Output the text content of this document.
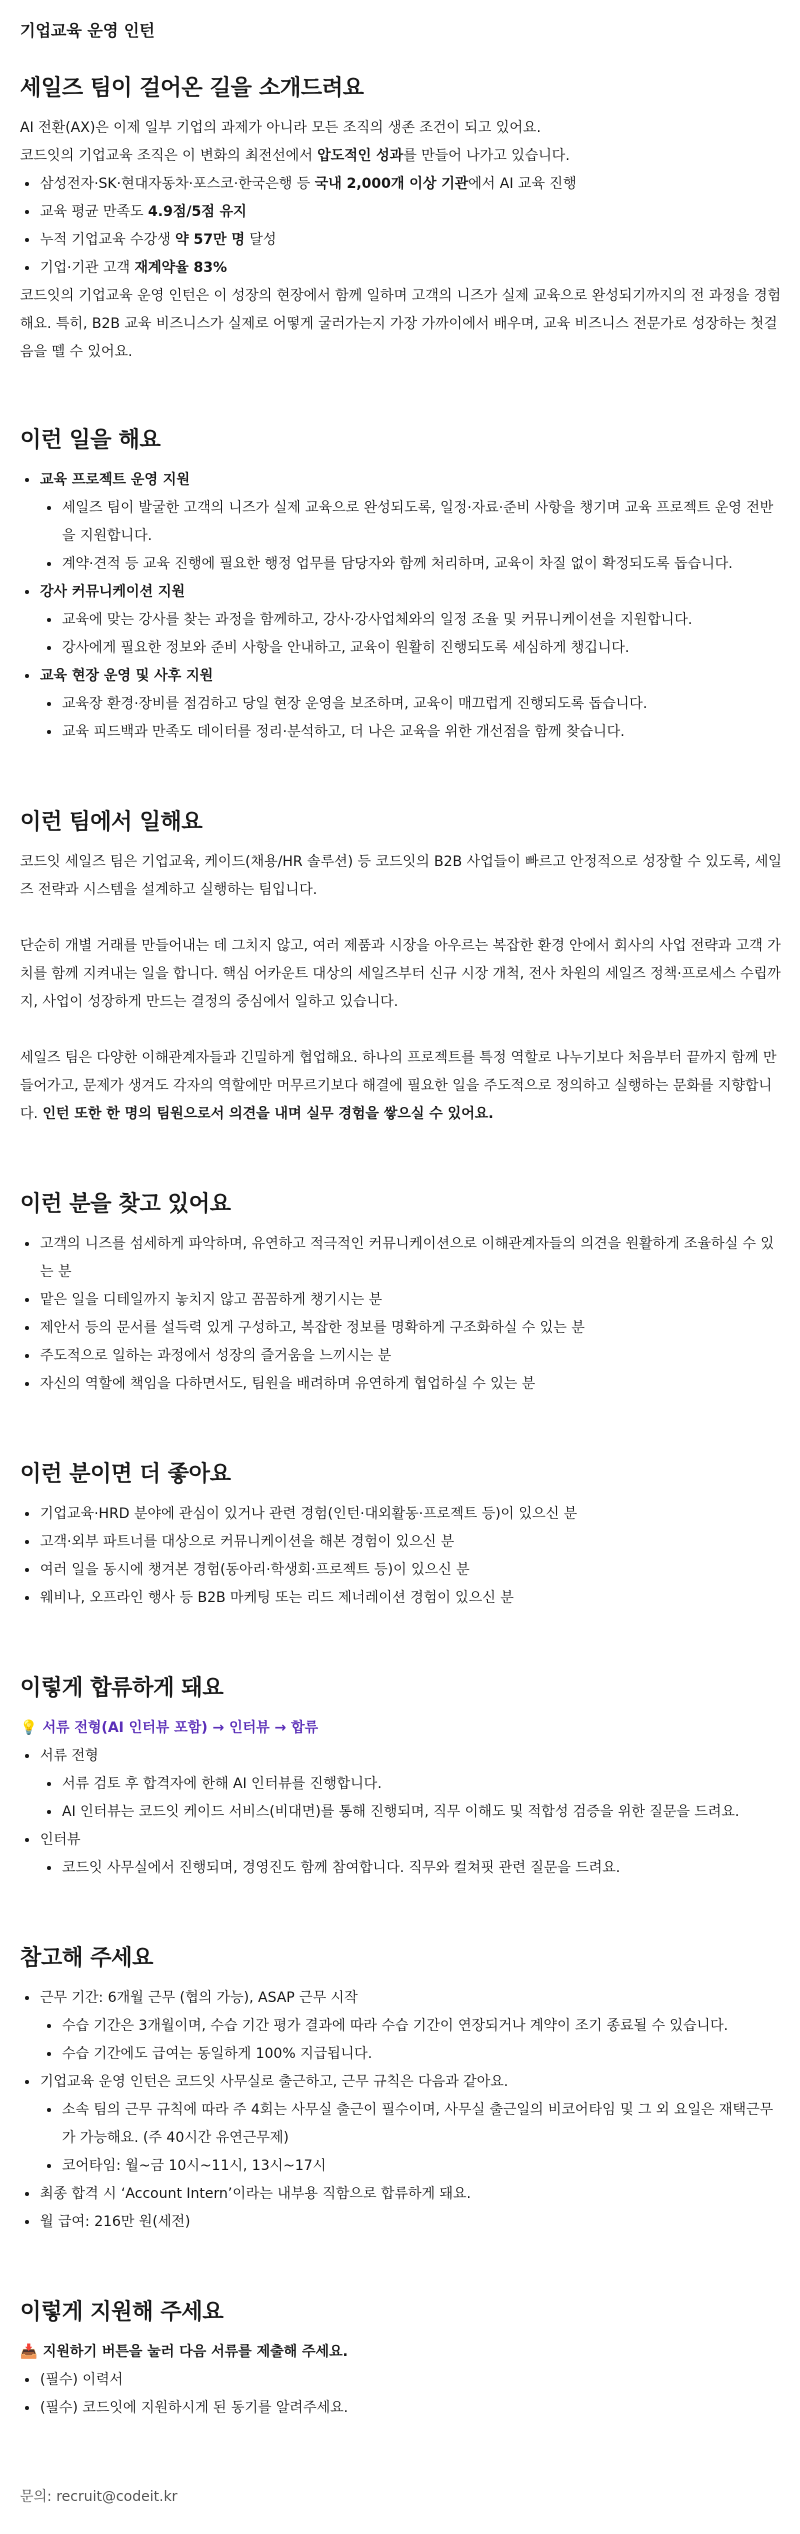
기업교육 운영 인턴
세일즈 팀이 걸어온 길을 소개드려요

AI 전환(AX)은 이제 일부 기업의 과제가 아니라 모든 조직의 생존 조건이 되고 있어요.

코드잇의 기업교육 조직은 이 변화의 최전선에서 압도적인 성과를 만들어 나가고 있습니다.

• 삼성전자·SK·현대자동차·포스코·한국은행 등 국내 2,000개 이상 기관에서 AI 교육 진행
• 교육 평균 만족도 4.9점/5점 유지
• 누적 기업교육 수강생 약 57만 명 달성
• 기업·기관 고객 재계약율 83%

코드잇의 기업교육 운영 인턴은 이 성장의 현장에서 함께 일하며 고객의 니즈가 실제 교육으로 완성되기까지의 전 과정을 경험해요. 특히, B2B 교육 비즈니스가 실제로 어떻게 굴러가는지 가장 가까이에서 배우며, 교육 비즈니스 전문가로 성장하는 첫걸음을 뗄 수 있어요.

이런 일을 해요
• 교육 프로젝트 운영 지원
• 세일즈 팀이 발굴한 고객의 니즈가 실제 교육으로 완성되도록, 일정·자료·준비 사항을 챙기며 교육 프로젝트 운영 전반을 지원합니다.
• 계약·견적 등 교육 진행에 필요한 행정 업무를 담당자와 함께 처리하며, 교육이 차질 없이 확정되도록 돕습니다.
• 강사 커뮤니케이션 지원
• 교육에 맞는 강사를 찾는 과정을 함께하고, 강사·강사업체와의 일정 조율 및 커뮤니케이션을 지원합니다.
• 강사에게 필요한 정보와 준비 사항을 안내하고, 교육이 원활히 진행되도록 세심하게 챙깁니다.
• 교육 현장 운영 및 사후 지원
• 교육장 환경·장비를 점검하고 당일 현장 운영을 보조하며, 교육이 매끄럽게 진행되도록 돕습니다.
• 교육 피드백과 만족도 데이터를 정리·분석하고, 더 나은 교육을 위한 개선점을 함께 찾습니다.
이런 팀에서 일해요

코드잇 세일즈 팀은 기업교육, 케이드(채용/HR 솔루션) 등 코드잇의 B2B 사업들이 빠르고 안정적으로 성장할 수 있도록, 세일즈 전략과 시스템을 설계하고 실행하는 팀입니다.

단순히 개별 거래를 만들어내는 데 그치지 않고, 여러 제품과 시장을 아우르는 복잡한 환경 안에서 회사의 사업 전략과 고객 가치를 함께 지켜내는 일을 합니다. 핵심 어카운트 대상의 세일즈부터 신규 시장 개척, 전사 차원의 세일즈 정책·프로세스 수립까지, 사업이 성장하게 만드는 결정의 중심에서 일하고 있습니다.

세일즈 팀은 다양한 이해관계자들과 긴밀하게 협업해요. 하나의 프로젝트를 특정 역할로 나누기보다 처음부터 끝까지 함께 만들어가고, 문제가 생겨도 각자의 역할에만 머무르기보다 해결에 필요한 일을 주도적으로 정의하고 실행하는 문화를 지향합니다. 인턴 또한 한 명의 팀원으로서 의견을 내며 실무 경험을 쌓으실 수 있어요.

이런 분을 찾고 있어요
• 고객의 니즈를 섬세하게 파악하며, 유연하고 적극적인 커뮤니케이션으로 이해관계자들의 의견을 원활하게 조율하실 수 있는 분
• 맡은 일을 디테일까지 놓치지 않고 꼼꼼하게 챙기시는 분
• 제안서 등의 문서를 설득력 있게 구성하고, 복잡한 정보를 명확하게 구조화하실 수 있는 분
• 주도적으로 일하는 과정에서 성장의 즐거움을 느끼시는 분
• 자신의 역할에 책임을 다하면서도, 팀원을 배려하며 유연하게 협업하실 수 있는 분
이런 분이면 더 좋아요
• 기업교육·HRD 분야에 관심이 있거나 관련 경험(인턴·대외활동·프로젝트 등)이 있으신 분
• 고객·외부 파트너를 대상으로 커뮤니케이션을 해본 경험이 있으신 분
• 여러 일을 동시에 챙겨본 경험(동아리·학생회·프로젝트 등)이 있으신 분
• 웨비나, 오프라인 행사 등 B2B 마케팅 또는 리드 제너레이션 경험이 있으신 분
이렇게 합류하게 돼요

💡 서류 전형(AI 인터뷰 포함) → 인터뷰 → 합류

• 서류 전형
• 서류 검토 후 합격자에 한해 AI 인터뷰를 진행합니다.
• AI 인터뷰는 코드잇 케이드 서비스(비대면)를 통해 진행되며, 직무 이해도 및 적합성 검증을 위한 질문을 드려요.
• 인터뷰
• 코드잇 사무실에서 진행되며, 경영진도 함께 참여합니다. 직무와 컬쳐핏 관련 질문을 드려요.
참고해 주세요
• 근무 기간: 6개월 근무 (협의 가능), ASAP 근무 시작
• 수습 기간은 3개월이며, 수습 기간 평가 결과에 따라 수습 기간이 연장되거나 계약이 조기 종료될 수 있습니다.
• 수습 기간에도 급여는 동일하게 100% 지급됩니다.
• 기업교육 운영 인턴은 코드잇 사무실로 출근하고, 근무 규칙은 다음과 같아요.
• 소속 팀의 근무 규칙에 따라 주 4회는 사무실 출근이 필수이며, 사무실 출근일의 비코어타임 및 그 외 요일은 재택근무가 가능해요. (주 40시간 유연근무제)
• 코어타임: 월~금 10시~11시, 13시~17시
• 최종 합격 시 ‘Account Intern’이라는 내부용 직함으로 합류하게 돼요.
• 월 급여: 216만 원(세전)
이렇게 지원해 주세요

📥 지원하기 버튼을 눌러 다음 서류를 제출해 주세요.

• (필수) 이력서
• (필수) 코드잇에 지원하시게 된 동기를 알려주세요.
문의: recruit@codeit.kr
